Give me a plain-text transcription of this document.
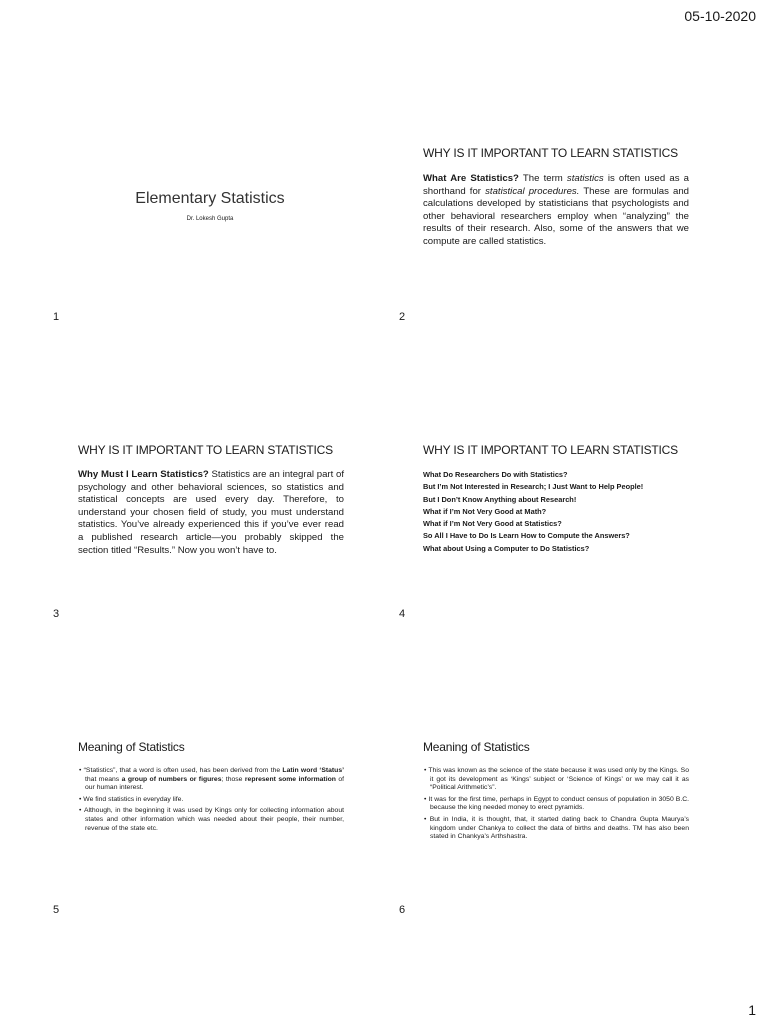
05-10-2020
1
Elementary Statistics
Dr. Lokesh Gupta
1
WHY IS IT IMPORTANT TO LEARN STATISTICS

What Are Statistics? The term statistics is often used as a shorthand for statistical procedures. These are formulas and calculations developed by statisticians that psychologists and other behavioral researchers employ when “analyzing” the results of their research. Also, some of the answers that we compute are called statistics.

2
WHY IS IT IMPORTANT TO LEARN STATISTICS

Why Must I Learn Statistics? Statistics are an integral part of psychology and other behavioral sciences, so statistics and statistical concepts are used every day. Therefore, to understand your chosen field of study, you must understand statistics. You’ve already experienced this if you’ve ever read a published research article—you probably skipped the section titled “Results.” Now you won’t have to.

3
WHY IS IT IMPORTANT TO LEARN STATISTICS
What Do Researchers Do with Statistics?
But I’m Not Interested in Research; I Just Want to Help People!
But I Don’t Know Anything about Research!
What if I’m Not Very Good at Math?
What if I’m Not Very Good at Statistics?
So All I Have to Do Is Learn How to Compute the Answers?
What about Using a Computer to Do Statistics?
4
Meaning of Statistics
• “Statistics”, that a word is often used, has been derived from the Latin word ‘Status’ that means a group of numbers or figures; those represent some information of our human interest.
• We find statistics in everyday life.
• Although, in the beginning it was used by Kings only for collecting information about states and other information which was needed about their people, their number, revenue of the state etc.
5
Meaning of Statistics
• This was known as the science of the state because it was used only by the Kings. So it got its development as ‘Kings’ subject or ‘Science of Kings’ or we may call it as “Political Arithmetic’s”.
• It was for the first time, perhaps in Egypt to conduct census of population in 3050 B.C. because the king needed money to erect pyramids.
• But in India, it is thought, that, it started dating back to Chandra Gupta Maurya’s kingdom under Chankya to collect the data of births and deaths. TM has also been stated in Chankya’s Arthshastra.
6
